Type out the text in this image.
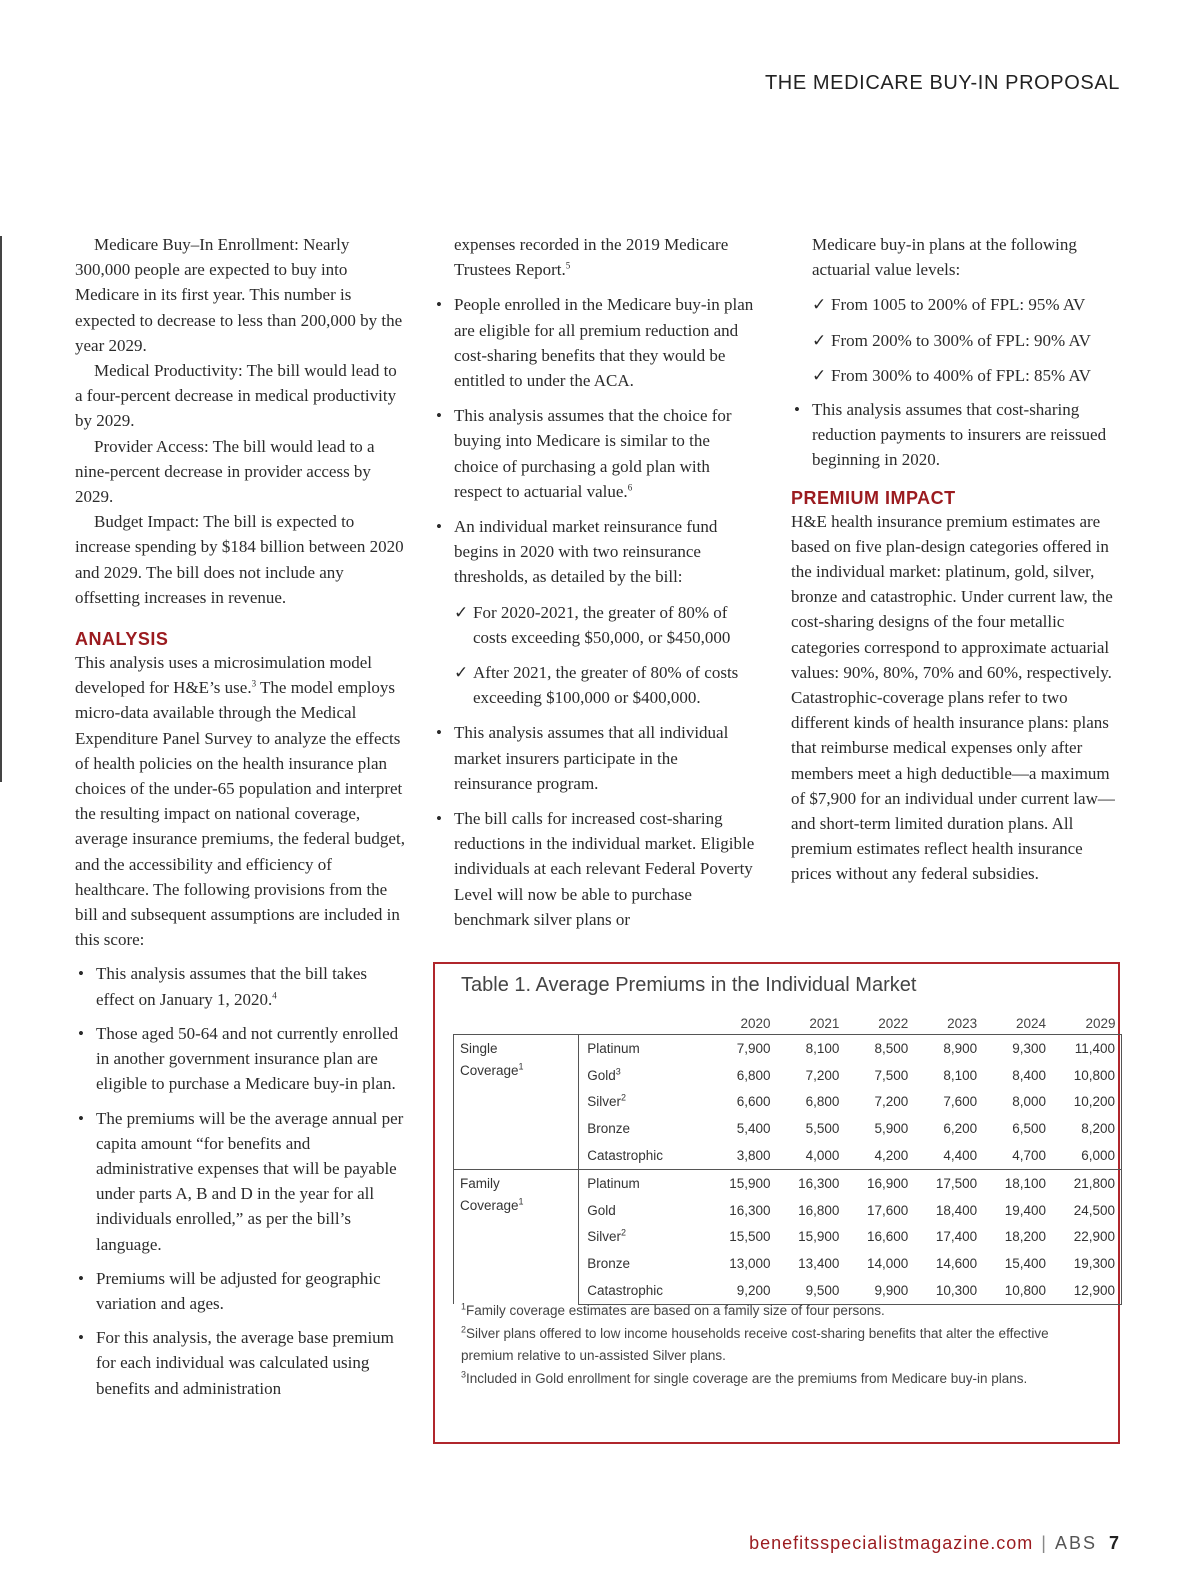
THE MEDICARE BUY-IN PROPOSAL

Medicare Buy–In Enrollment: Nearly 300,000 people are expected to buy into Medicare in its first year. This number is expected to decrease to less than 200,000 by the year 2029.

Medical Productivity: The bill would lead to a four-percent decrease in medical productivity by 2029.

Provider Access: The bill would lead to a nine-percent decrease in provider access by 2029.

Budget Impact: The bill is expected to increase spending by $184 billion between 2020 and 2029. The bill does not include any offsetting increases in revenue.

ANALYSIS

This analysis uses a microsimulation model developed for H&E’s use.$^3$ The model employs micro-data available through the Medical Expenditure Panel Survey to analyze the effects of health policies on the health insurance plan choices of the under-65 population and interpret the resulting impact on national coverage, average insurance premiums, the federal budget, and the accessibility and efficiency of healthcare. The following provisions from the bill and subsequent assumptions are included in this score:

• This analysis assumes that the bill takes effect on January 1, 2020.$^4$
• Those aged 50-64 and not currently enrolled in another government insurance plan are eligible to purchase a Medicare buy-in plan.
• The premiums will be the average annual per capita amount “for benefits and administrative expenses that will be payable under parts A, B and D in the year for all individuals enrolled,” as per the bill’s language.
• Premiums will be adjusted for geographic variation and ages.
• For this analysis, the average base premium for each individual was calculated using benefits and administration

expenses recorded in the 2019 Medicare Trustees Report.$^5$

• People enrolled in the Medicare buy-in plan are eligible for all premium reduction and cost-sharing benefits that they would be entitled to under the ACA.
• This analysis assumes that the choice for buying into Medicare is similar to the choice of purchasing a gold plan with respect to actuarial value.$^6$
• An individual market reinsurance fund begins in 2020 with two reinsurance thresholds, as detailed by the bill:
✓ For 2020-2021, the greater of 80% of costs exceeding $50,000, or $450,000
✓ After 2021, the greater of 80% of costs exceeding $100,000 or $400,000.
• This analysis assumes that all individual market insurers participate in the reinsurance program.
• The bill calls for increased cost-sharing reductions in the individual market. Eligible individuals at each relevant Federal Poverty Level will now be able to purchase benchmark silver plans or

Medicare buy-in plans at the following actuarial value levels:

✓ From 1005 to 200% of FPL: 95% AV
✓ From 200% to 300% of FPL: 90% AV
✓ From 300% to 400% of FPL: 85% AV
• This analysis assumes that cost-sharing reduction payments to insurers are reissued beginning in 2020.
PREMIUM IMPACT

H&E health insurance premium estimates are based on five plan-design categories offered in the individual market: platinum, gold, silver, bronze and catastrophic. Under current law, the cost-sharing designs of the four metallic categories correspond to approximate actuarial values: 90%, 80%, 70% and 60%, respectively. Catastrophic-coverage plans refer to two different kinds of health insurance plans: plans that reimburse medical expenses only after members meet a high deductible—a maximum of $7,900 for an individual under current law—and short-term limited duration plans. All premium estimates reflect health insurance prices without any federal subsidies.

Table 1. Average Premiums in the Individual Market
		2020	2021	2022	2023	2024	2029
Single
Coverage$^1$	Platinum	7,900	8,100	8,500	8,900	9,300	11,400
	Gold$^3$	6,800	7,200	7,500	8,100	8,400	10,800
	Silver$^2$	6,600	6,800	7,200	7,600	8,000	10,200
	Bronze	5,400	5,500	5,900	6,200	6,500	8,200
	Catastrophic	3,800	4,000	4,200	4,400	4,700	6,000
Family
Coverage$^1$	Platinum	15,900	16,300	16,900	17,500	18,100	21,800
	Gold	16,300	16,800	17,600	18,400	19,400	24,500
	Silver$^2$	15,500	15,900	16,600	17,400	18,200	22,900
	Bronze	13,000	13,400	14,000	14,600	15,400	19,300
	Catastrophic	9,200	9,500	9,900	10,300	10,800	12,900

$^1$Family coverage estimates are based on a family size of four persons.

$^2$Silver plans offered to low income households receive cost-sharing benefits that alter the effective premium relative to un-assisted Silver plans.

$^3$Included in Gold enrollment for single coverage are the premiums from Medicare buy-in plans.

benefitsspecialistmagazine.com | ABS 7
